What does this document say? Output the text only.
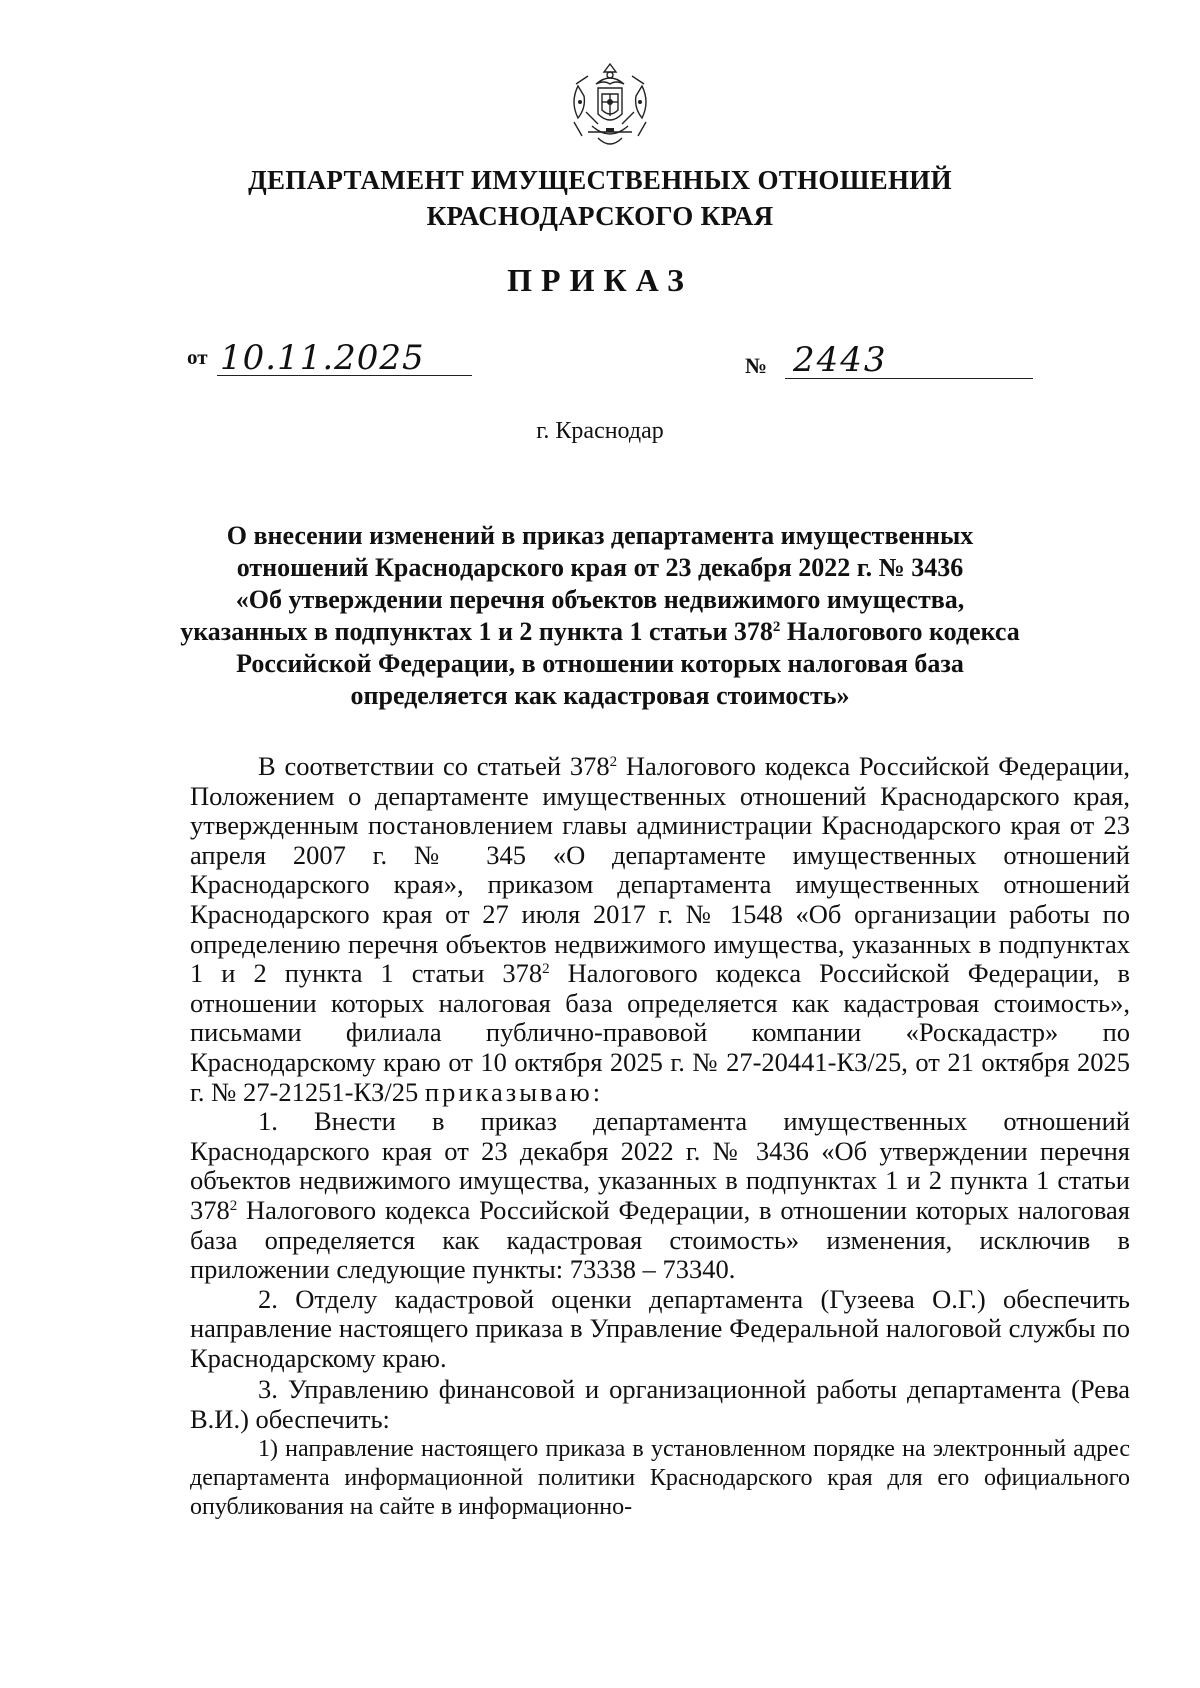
ДЕПАРТАМЕНТ ИМУЩЕСТВЕННЫХ ОТНОШЕНИЙ
КРАСНОДАРСКОГО КРАЯ
ПРИКАЗ
от 10.11.2025	№ 2443
г. Краснодар
О внесении изменений в приказ департамента имущественных
отношений Краснодарского края от 23 декабря 2022 г. № 3436
«Об утверждении перечня объектов недвижимого имущества,
указанных в подпунктах 1 и 2 пункта 1 статьи $378^2$ Налогового кодекса
Российской Федерации, в отношении которых налоговая база
определяется как кадастровая стоимость»

В соответствии со статьей $378^2$ Налогового кодекса Российской Федерации, Положением о департаменте имущественных отношений Краснодарского края, утвержденным постановлением главы администрации Краснодарского края от 23 апреля 2007 г. № 345 «О департаменте имущественных отношений Краснодарского края», приказом департамента имущественных отношений Краснодарского края от 27 июля 2017 г. № 1548 «Об организации работы по определению перечня объектов недвижимого имущества, указанных в подпунктах 1 и 2 пункта 1 статьи $378^2$ Налогового кодекса Российской Федерации, в отношении которых налоговая база определяется как кадастровая стоимость», письмами филиала публично-правовой компании «Роскадастр» по Краснодарскому краю от 10 октября 2025 г. № 27-20441-КЗ/25, от 21 октября 2025 г. № 27-21251-КЗ/25 приказываю:

1. Внести в приказ департамента имущественных отношений Краснодарского края от 23 декабря 2022 г. № 3436 «Об утверждении перечня объектов недвижимого имущества, указанных в подпунктах 1 и 2 пункта 1 статьи $378^2$ Налогового кодекса Российской Федерации, в отношении которых налоговая база определяется как кадастровая стоимость» изменения, исключив в приложении следующие пункты: 73338 – 73340.

2. Отделу кадастровой оценки департамента (Гузеева О.Г.) обеспечить направление настоящего приказа в Управление Федеральной налоговой службы по Краснодарскому краю.

3. Управлению финансовой и организационной работы департамента (Рева В.И.) обеспечить:

1) направление настоящего приказа в установленном порядке на электронный адрес департамента информационной политики Краснодарского края для его официального опубликования на сайте в информационно-
